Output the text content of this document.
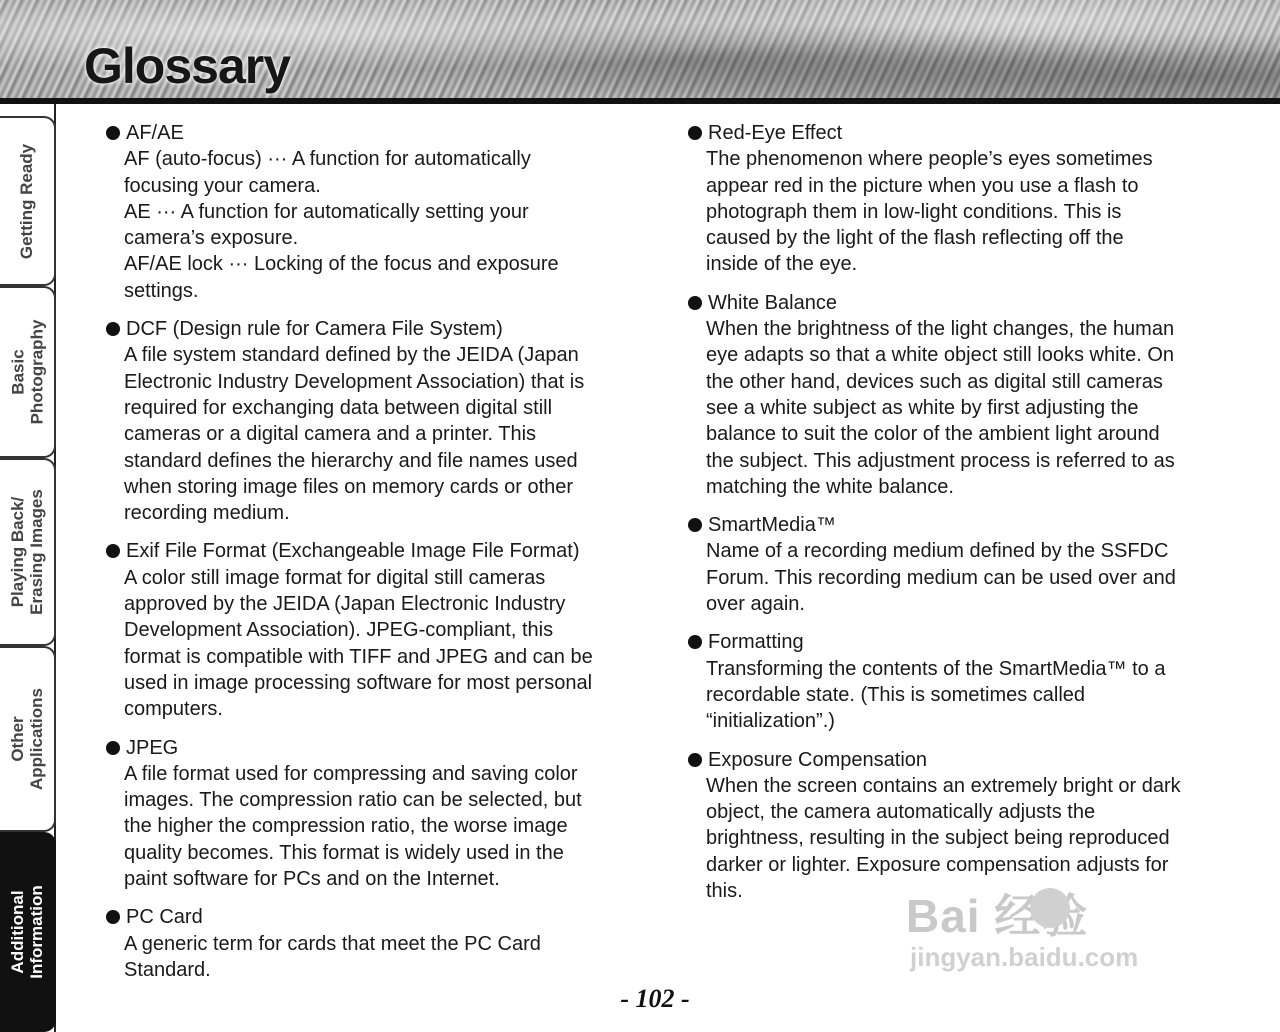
Glossary
Getting Ready
Basic Photography
Playing Back/ Erasing Images
Other Applications
Additional Information
AF/AE

AF (auto-focus) ··· A function for automatically
focusing your camera.
AE ··· A function for automatically setting your
camera’s exposure.
AF/AE lock ··· Locking of the focus and exposure
settings.

DCF (Design rule for Camera File System)

A file system standard defined by the JEIDA (Japan
Electronic Industry Development Association) that is
required for exchanging data between digital still
cameras or a digital camera and a printer. This
standard defines the hierarchy and file names used
when storing image files on memory cards or other
recording medium.

Exif File Format (Exchangeable Image File Format)

A color still image format for digital still cameras
approved by the JEIDA (Japan Electronic Industry
Development Association). JPEG-compliant, this
format is compatible with TIFF and JPEG and can be
used in image processing software for most personal
computers.

JPEG

A file format used for compressing and saving color
images. The compression ratio can be selected, but
the higher the compression ratio, the worse image
quality becomes. This format is widely used in the
paint software for PCs and on the Internet.

PC Card

A generic term for cards that meet the PC Card
Standard.

Red-Eye Effect

The phenomenon where people’s eyes sometimes
appear red in the picture when you use a flash to
photograph them in low-light conditions. This is
caused by the light of the flash reflecting off the
inside of the eye.

White Balance

When the brightness of the light changes, the human
eye adapts so that a white object still looks white. On
the other hand, devices such as digital still cameras
see a white subject as white by first adjusting the
balance to suit the color of the ambient light around
the subject. This adjustment process is referred to as
matching the white balance.

SmartMedia™

Name of a recording medium defined by the SSFDC
Forum. This recording medium can be used over and
over again.

Formatting

Transforming the contents of the SmartMedia™ to a
recordable state. (This is sometimes called
“initialization”.)

Exposure Compensation

When the screen contains an extremely bright or dark
object, the camera automatically adjusts the
brightness, resulting in the subject being reproduced
darker or lighter. Exposure compensation adjusts for
this.

- 102 -
Bai 经验
jingyan.baidu.com
